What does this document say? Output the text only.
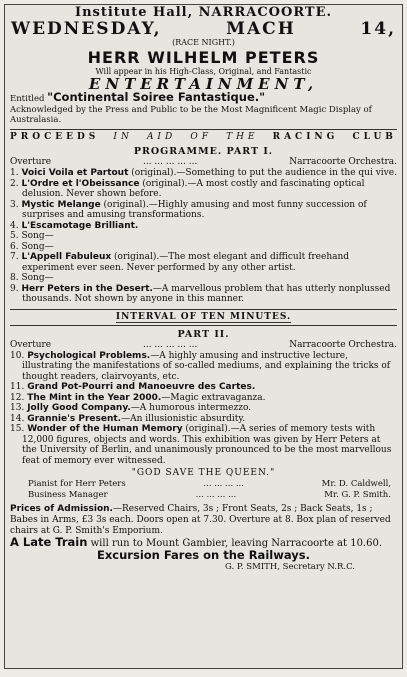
Institute Hall, NARRACOORTE.
WEDNESDAY,	MACH	14,
(RACE NIGHT.)
HERR WILHELM PETERS
Will appear in his High-Class, Original, and Fantastic
ENTERTAINMENT,
Entitled "Continental Soiree Fantastique."
Acknowledged by the Press and Public to be the Most Magnificent Magic Display of Australasia.
PROCEEDS IN AID OF THE RACING CLUB
PROGRAMME. PART I.
Overture	... ... ... ... ...	Narracoorte Orchestra.
1. Voici Voila et Partout (original).—Something to put the audience in the qui vive.
2. L'Ordre et l'Obeissance (original).—A most costly and fascinating optical delusion. Never shown before.
3. Mystic Melange (original).—Highly amusing and most funny succession of surprises and amusing transformations.
4. L'Escamotage Brilliant.
5. Song—
6. Song—
7. L'Appell Fabuleux (original).—The most elegant and difficult freehand experiment ever seen. Never performed by any other artist.
8. Song—
9. Herr Peters in the Desert.—A marvellous problem that has utterly nonplussed thousands. Not shown by anyone in this manner.
INTERVAL OF TEN MINUTES.
PART II.
Overture	... ... ... ... ...	Narracoorte Orchestra.
10. Psychological Problems.—A highly amusing and instructive lecture, illustrating the manifestations of so-called mediums, and explaining the tricks of thought readers, clairvoyants, etc.
11. Grand Pot-Pourri and Manoeuvre des Cartes.
12. The Mint in the Year 2000.—Magic extravaganza.
13. Jolly Good Company.—A humorous intermezzo.
14. Grannie's Present.—An illusionistic absurdity.
15. Wonder of the Human Memory (original).—A series of memory tests with 12,000 figures, objects and words. This exhibition was given by Herr Peters at the University of Berlin, and unanimously pronounced to be the most marvellous feat of memory ever witnessed.
"GOD SAVE THE QUEEN."
Pianist for Herr Peters	... ... ... ...	Mr. D. Caldwell,
Business Manager	... ... ... ...	Mr. G. P. Smith.
Prices of Admission.—Reserved Chairs, 3s ; Front Seats, 2s ; Back Seats, 1s ; Babes in Arms, £3 3s each. Doors open at 7.30. Overture at 8. Box plan of reserved chairs at G. P. Smith's Emporium.
A Late Train will run to Mount Gambier, leaving Narracoorte at 10.60.
Excursion Fares on the Railways.
G. P. SMITH, Secretary N.R.C.
